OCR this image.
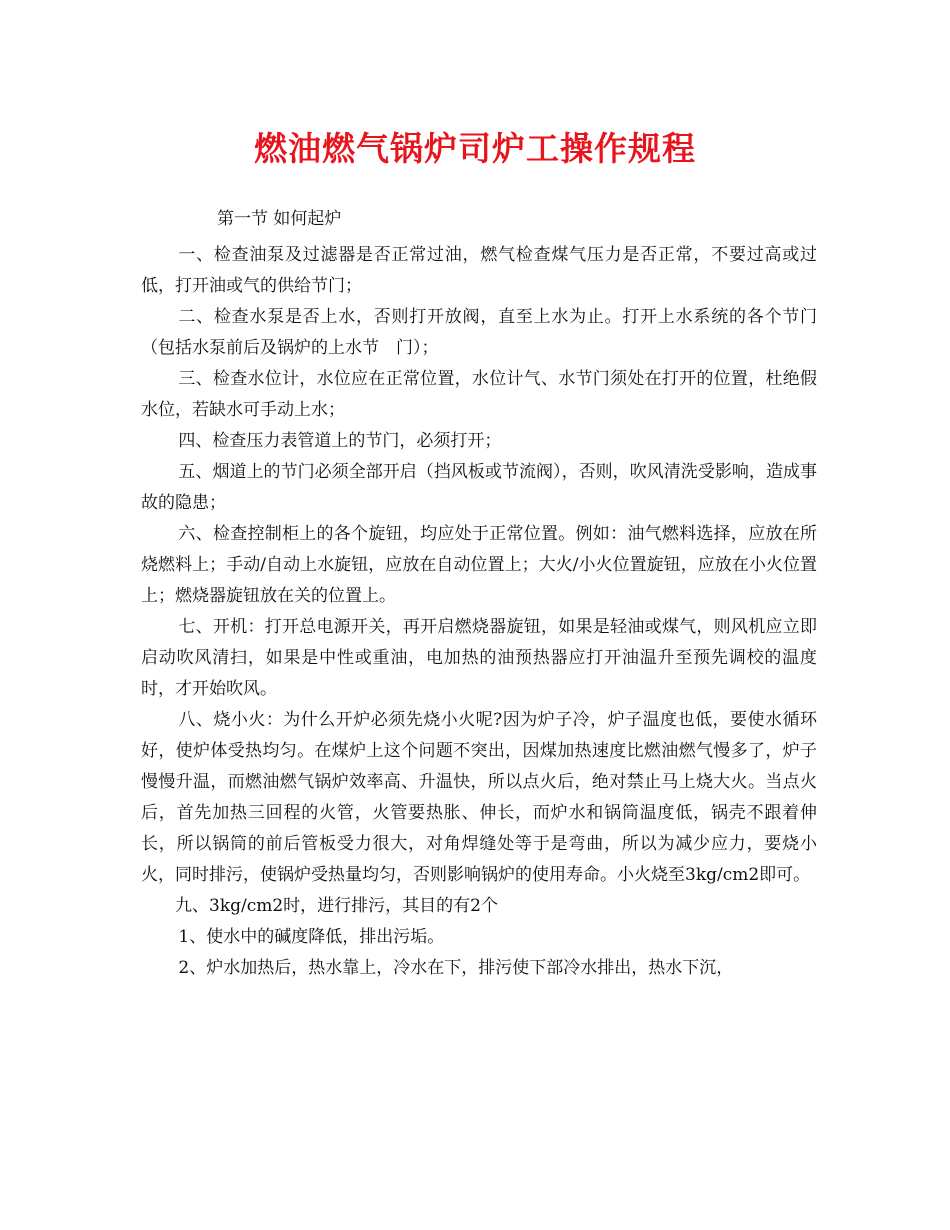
燃油燃气锅炉司炉工操作规程

第一节 如何起炉

一、检查油泵及过滤器是否正常过油，燃气检查煤气压力是否正常，不要过高或过低，打开油或气的供给节门；

二、检查水泵是否上水，否则打开放阀，直至上水为止。打开上水系统的各个节门（包括水泵前后及锅炉的上水节　门）；

三、检查水位计，水位应在正常位置，水位计气、水节门须处在打开的位置，杜绝假水位，若缺水可手动上水；

四、检查压力表管道上的节门，必须打开；

五、烟道上的节门必须全部开启（挡风板或节流阀），否则，吹风清洗受影响，造成事故的隐患；

六、检查控制柜上的各个旋钮，均应处于正常位置。例如：油气燃料选择，应放在所烧燃料上；手动/自动上水旋钮，应放在自动位置上；大火/小火位置旋钮，应放在小火位置上；燃烧器旋钮放在关的位置上。

七、开机：打开总电源开关，再开启燃烧器旋钮，如果是轻油或煤气，则风机应立即启动吹风清扫，如果是中性或重油，电加热的油预热器应打开油温升至预先调校的温度时，才开始吹风。

八、烧小火：为什么开炉必须先烧小火呢?因为炉子冷，炉子温度也低，要使水循环好，使炉体受热均匀。在煤炉上这个问题不突出，因煤加热速度比燃油燃气慢多了，炉子慢慢升温，而燃油燃气锅炉效率高、升温快，所以点火后，绝对禁止马上烧大火。当点火后，首先加热三回程的火管，火管要热胀、伸长，而炉水和锅筒温度低，锅壳不跟着伸长，所以锅筒的前后管板受力很大，对角焊缝处等于是弯曲，所以为减少应力，要烧小火，同时排污，使锅炉受热量均匀，否则影响锅炉的使用寿命。小火烧至3kg/cm2即可。

九、3kg/cm2时，进行排污，其目的有2个

1、使水中的碱度降低，排出污垢。

2、炉水加热后，热水靠上，冷水在下，排污使下部冷水排出，热水下沉，
